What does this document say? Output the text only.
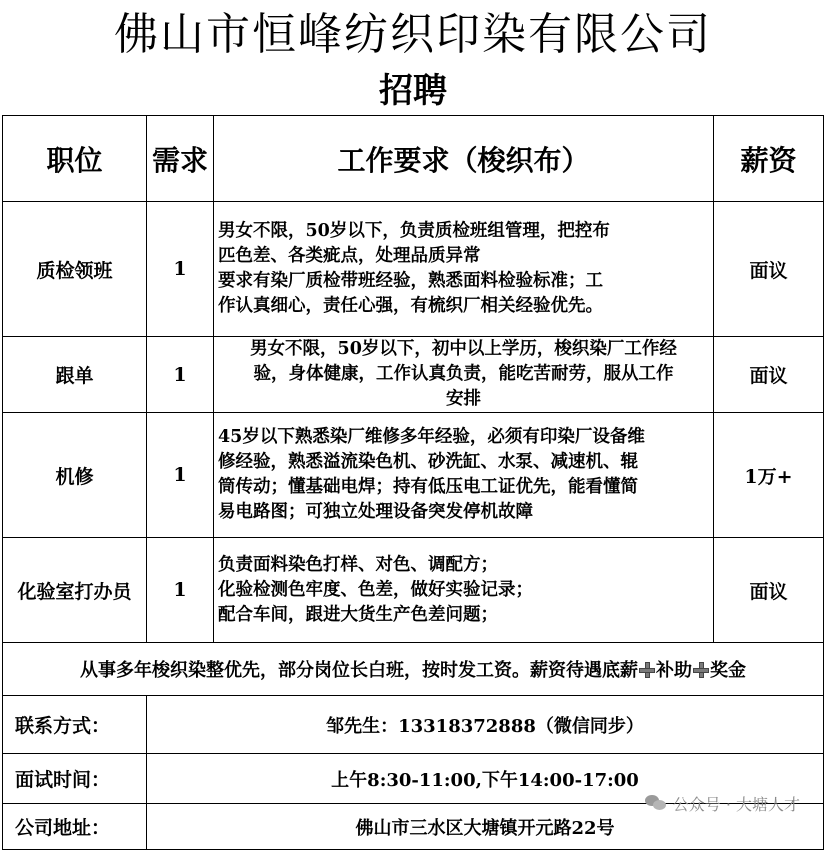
佛山市恒峰纺织印染有限公司
招聘
职位	需求	工作要求（梭织布）	薪资
质检领班	1	男女不限，50岁以下，负责质检班组管理，把控布
匹色差、各类疵点，处理品质异常
要求有染厂质检带班经验，熟悉面料检验标准；工
作认真细心，责任心强，有梳织厂相关经验优先。	面议
跟单	1	男女不限，50岁以下，初中以上学历，梭织染厂工作经
验，身体健康，工作认真负责，能吃苦耐劳，服从工作
安排	面议
机修	1	45岁以下熟悉染厂维修多年经验，必须有印染厂设备维
修经验，熟悉溢流染色机、砂洗缸、水泵、减速机、辊
筒传动；懂基础电焊；持有低压电工证优先，能看懂简
易电路图；可独立处理设备突发停机故障	1万+
化验室打办员	1	负责面料染色打样、对色、调配方；
化验检测色牢度、色差，做好实验记录；
配合车间，跟进大货生产色差问题；	面议
从事多年梭织染整优先，部分岗位长白班，按时发工资。薪资待遇底薪 补助 奖金			
联系方式：	邹先生：13318372888（微信同步）		
面试时间：	上午8:30-11:00,下午14:00-17:00		
公司地址：	佛山市三水区大塘镇开元路22号		
公众号 · 大塘人才
